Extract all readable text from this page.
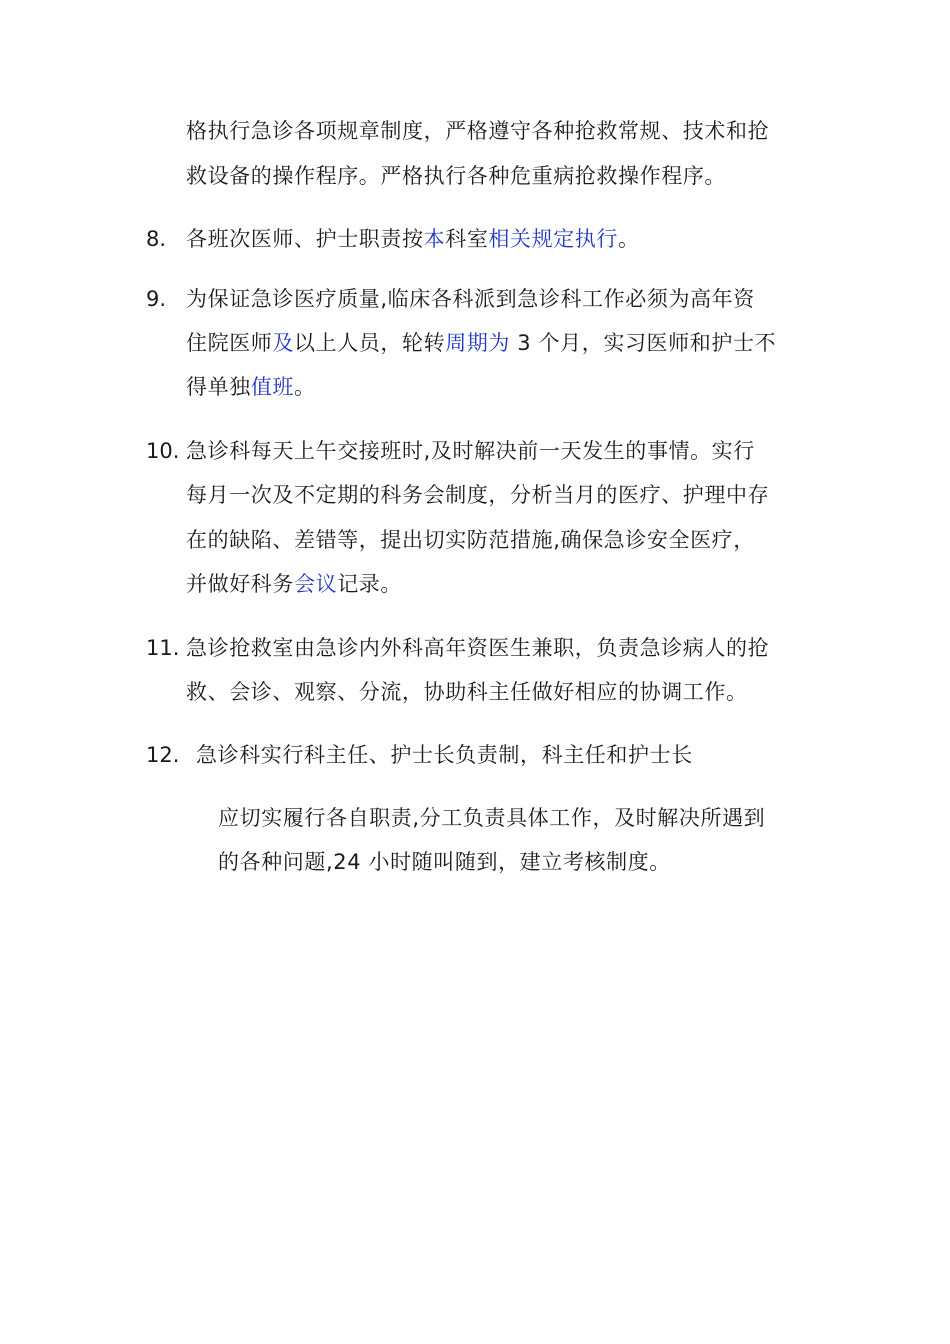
格执行急诊各项规章制度，严格遵守各种抢救常规、技术和抢
救设备的操作程序。严格执行各种危重病抢救操作程序。
8. 各班次医师、护士职责按本科室相关规定执行。
9. 为保证急诊医疗质量,临床各科派到急诊科工作必须为高年资
住院医师及以上人员，轮转周期为 3 个月，实习医师和护士不
得单独值班。
10. 急诊科每天上午交接班时,及时解决前一天发生的事情。实行
每月一次及不定期的科务会制度，分析当月的医疗、护理中存
在的缺陷、差错等，提出切实防范措施,确保急诊安全医疗，
并做好科务会议记录。
11. 急诊抢救室由急诊内外科高年资医生兼职，负责急诊病人的抢
救、会诊、观察、分流，协助科主任做好相应的协调工作。
12. 急诊科实行科主任、护士长负责制，科主任和护士长
应切实履行各自职责,分工负责具体工作，及时解决所遇到
的各种问题,24 小时随叫随到，建立考核制度。
